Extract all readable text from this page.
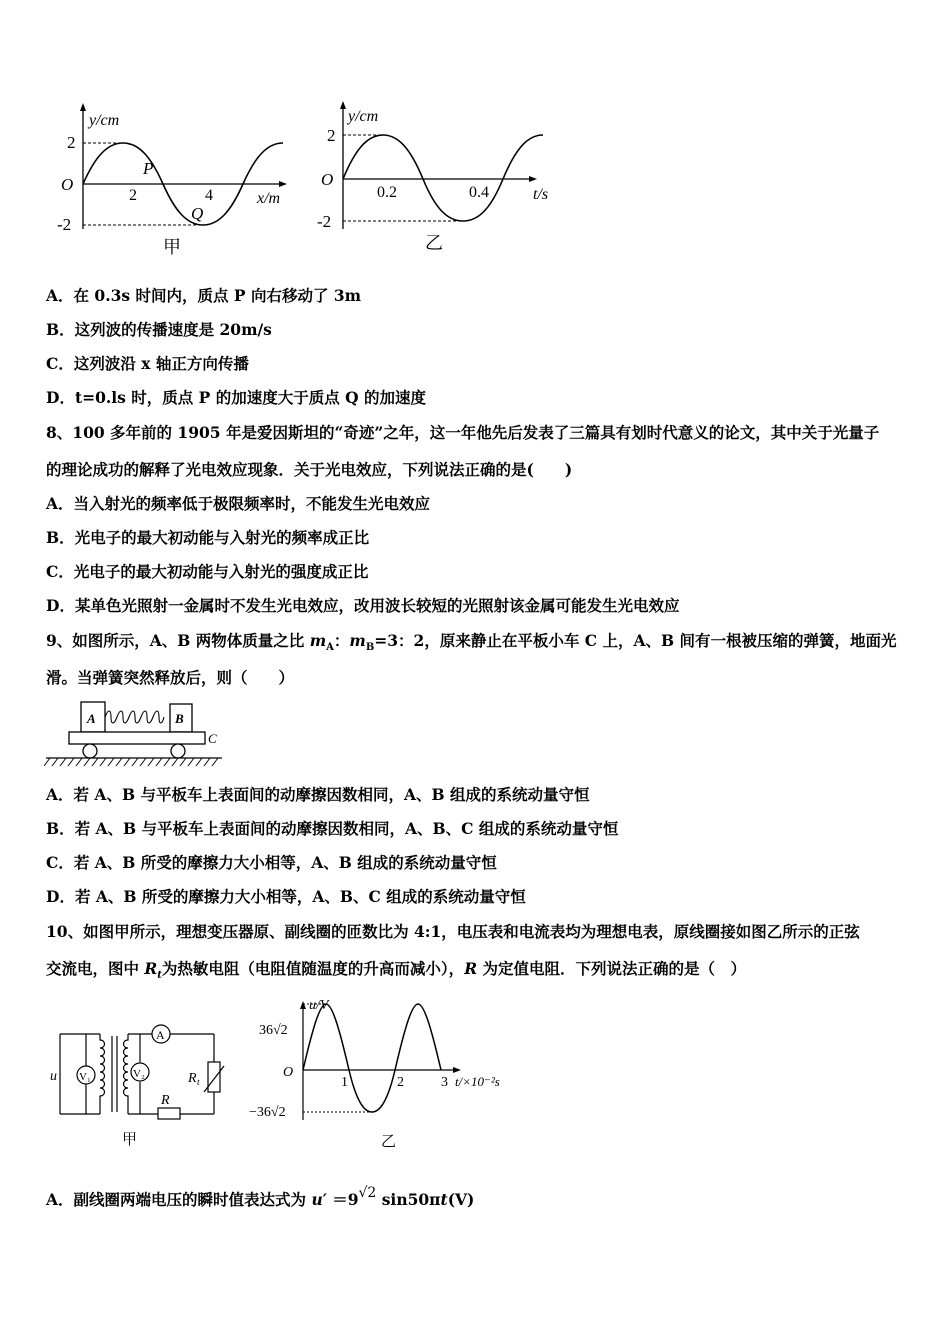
y/cm
2
O
-2
2	4
P
Q
x/m
甲
y/cm
2
O
-2
0.2	0.4	t/s
乙
A．在 0.3s 时间内，质点 P 向右移动了 3m
B．这列波的传播速度是 20m/s
C．这列波沿 x 轴正方向传播
D．t=0.ls 时，质点 P 的加速度大于质点 Q 的加速度
8、100 多年前的 1905 年是爱因斯坦的“奇迹”之年，这一年他先后发表了三篇具有划时代意义的论文，其中关于光量子
的理论成功的解释了光电效应现象．关于光电效应，下列说法正确的是(　　)
A．当入射光的频率低于极限频率时，不能发生光电效应
B．光电子的最大初动能与入射光的频率成正比
C．光电子的最大初动能与入射光的强度成正比
D．某单色光照射一金属时不发生光电效应，改用波长较短的光照射该金属可能发生光电效应
9、如图所示，A、B 两物体质量之比 $m_A$：$m_B=3$：2，原来静止在平板小车 C 上，A、B 间有一根被压缩的弹簧，地面光
滑。当弹簧突然释放后，则（　　）
A	B
C
A．若 A、B 与平板车上表面间的动摩擦因数相同，A、B 组成的系统动量守恒
B．若 A、B 与平板车上表面间的动摩擦因数相同，A、B、C 组成的系统动量守恒
C．若 A、B 所受的摩擦力大小相等，A、B 组成的系统动量守恒
D．若 A、B 所受的摩擦力大小相等，A、B、C 组成的系统动量守恒
10、如图甲所示，理想变压器原、副线圈的匝数比为 4:1，电压表和电流表均为理想电表，原线圈接如图乙所示的正弦
交流电，图中 $R_t$为热敏电阻（电阻值随温度的升高而减小），R 为定值电阻．下列说法正确的是（　）
V₁	V₂
A
u	R t
R
甲
u/V
36√2
O
−36√2
1	2	3 t/×10⁻²s
乙
A．副线圈两端电压的瞬时值表达式为 u′ ＝9√2 sin50πt(V)
